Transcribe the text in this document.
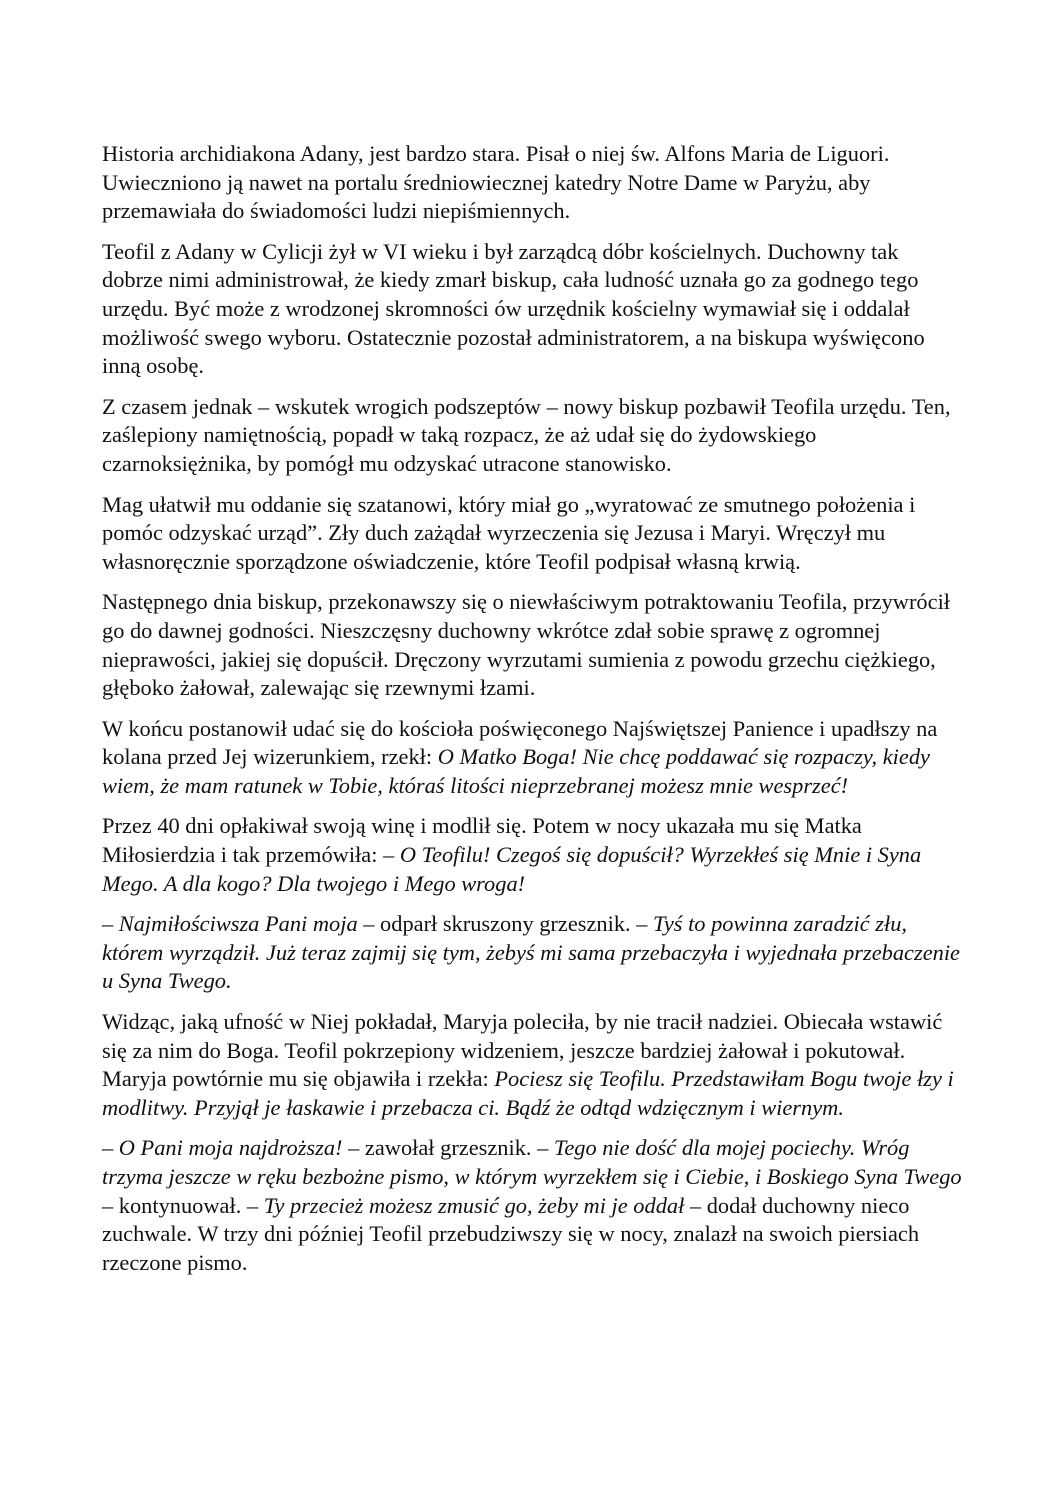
Historia archidiakona Adany, jest bardzo stara. Pisał o niej św. Alfons Maria de Liguori. Uwieczniono ją nawet na portalu średniowiecznej katedry Notre Dame w Paryżu, aby przemawiała do świadomości ludzi niepiśmiennych.

Teofil z Adany w Cylicji żył w VI wieku i był zarządcą dóbr kościelnych. Duchowny tak dobrze nimi administrował, że kiedy zmarł biskup, cała ludność uznała go za godnego tego urzędu. Być może z wrodzonej skromności ów urzędnik kościelny wymawiał się i oddalał możliwość swego wyboru. Ostatecznie pozostał administratorem, a na biskupa wyświęcono inną osobę.

Z czasem jednak – wskutek wrogich podszeptów – nowy biskup pozbawił Teofila urzędu. Ten, zaślepiony namiętnością, popadł w taką rozpacz, że aż udał się do żydowskiego czarnoksiężnika, by pomógł mu odzyskać utracone stanowisko.

Mag ułatwił mu oddanie się szatanowi, który miał go „wyratować ze smutnego położenia i pomóc odzyskać urząd”. Zły duch zażądał wyrzeczenia się Jezusa i Maryi. Wręczył mu własnoręcznie sporządzone oświadczenie, które Teofil podpisał własną krwią.

Następnego dnia biskup, przekonawszy się o niewłaściwym potraktowaniu Teofila, przywrócił go do dawnej godności. Nieszczęsny duchowny wkrótce zdał sobie sprawę z ogromnej nieprawości, jakiej się dopuścił. Dręczony wyrzutami sumienia z powodu grzechu ciężkiego, głęboko żałował, zalewając się rzewnymi łzami.

W końcu postanowił udać się do kościoła poświęconego Najświętszej Panience i upadłszy na kolana przed Jej wizerunkiem, rzekł: O Matko Boga! Nie chcę poddawać się rozpaczy, kiedy wiem, że mam ratunek w Tobie, któraś litości nieprzebranej możesz mnie wesprzeć!

Przez 40 dni opłakiwał swoją winę i modlił się. Potem w nocy ukazała mu się Matka Miłosierdzia i tak przemówiła: – O Teofilu! Czegoś się dopuścił? Wyrzekłeś się Mnie i Syna Mego. A dla kogo? Dla twojego i Mego wroga!

– Najmiłościwsza Pani moja – odparł skruszony grzesznik. – Tyś to powinna zaradzić złu, którem wyrządził. Już teraz zajmij się tym, żebyś mi sama przebaczyła i wyjednała przebaczenie u Syna Twego.

Widząc, jaką ufność w Niej pokładał, Maryja poleciła, by nie tracił nadziei. Obiecała wstawić się za nim do Boga. Teofil pokrzepiony widzeniem, jeszcze bardziej żałował i pokutował. Maryja powtórnie mu się objawiła i rzekła: Pociesz się Teofilu. Przedstawiłam Bogu twoje łzy i modlitwy. Przyjął je łaskawie i przebacza ci. Bądź że odtąd wdzięcznym i wiernym.

– O Pani moja najdroższa! – zawołał grzesznik. – Tego nie dość dla mojej pociechy. Wróg trzyma jeszcze w ręku bezbożne pismo, w którym wyrzekłem się i Ciebie, i Boskiego Syna Twego – kontynuował. – Ty przecież możesz zmusić go, żeby mi je oddał – dodał duchowny nieco zuchwale. W trzy dni później Teofil przebudziwszy się w nocy, znalazł na swoich piersiach rzeczone pismo.
